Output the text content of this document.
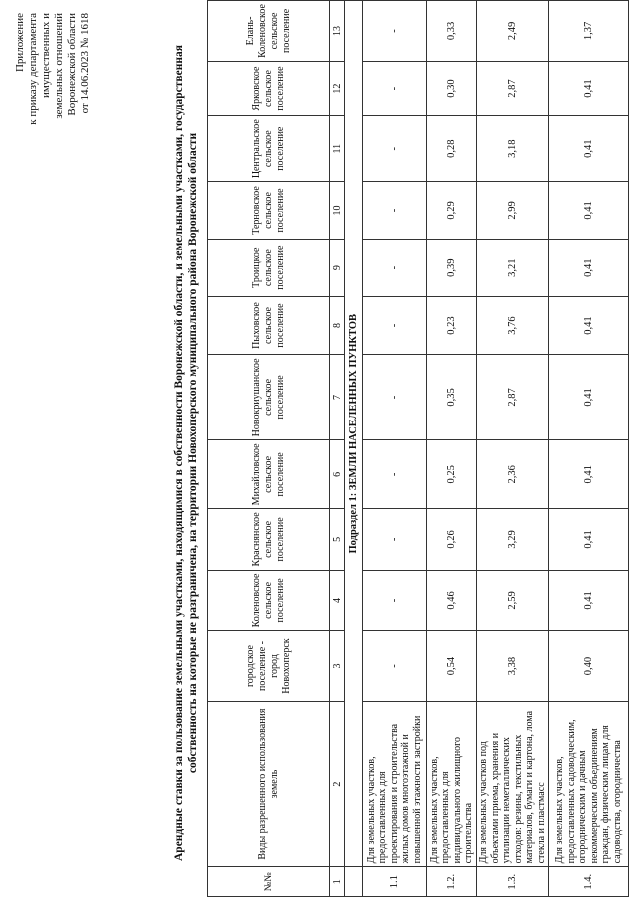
Приложение к приказу департамента имущественных и земельных отношений Воронежской области от 14.06.2023 № 1618	Арендные ставки за пользование земельными участками, находящимися в собственности Воронежской области, и земельными участками, государственная собственность на которые не разграничена, на территории Новохоперского муниципального района Воронежской области
№№	Виды разрешенного использования земель	городское поселение - город Новохоперск	Коленовское сельское поселение	Краснянское сельское поселение	Михайловское сельское поселение	Новокриушанское сельское поселение	Пыховское сельское поселение	Троицкое сельское поселение	Терновское сельское поселение	Центральское сельское поселение	Ярковское сельское поселение	Елань-Коленовское сельское поселение
1	2	3	4	5	6	7	8	9	10	11	12	13
	Подраздел 1: ЗЕМЛИ НАСЕЛЕННЫХ ПУНКТОВ											
1.1	Для земельных участков, предоставленных для проектирования и строительства жилых домов многоэтажной и повышенной этажности застройки	-	-	-	-	-	-	-	-	-	-	-
1.2.	Для земельных участков, предоставленных для индивидуального жилищного строительства	0,54	0,46	0,26	0,25	0,35	0,23	0,39	0,29	0,28	0,30	0,33
1.3.	Для земельных участков под объектами приема, хранения и утилизации неметаллических отходов: резины, текстильных материалов, бумаги и картона, лома стекла и пластмасс	3,38	2,59	3,29	2,36	2,87	3,76	3,21	2,99	3,18	2,87	2,49
1.4.	Для земельных участков, предоставленных садоводческим, огородническим и дачным некоммерческим объединениям граждан, физическим лицам для садоводства, огородничества	0,40	0,41	0,41	0,41	0,41	0,41	0,41	0,41	0,41	0,41	1,37
